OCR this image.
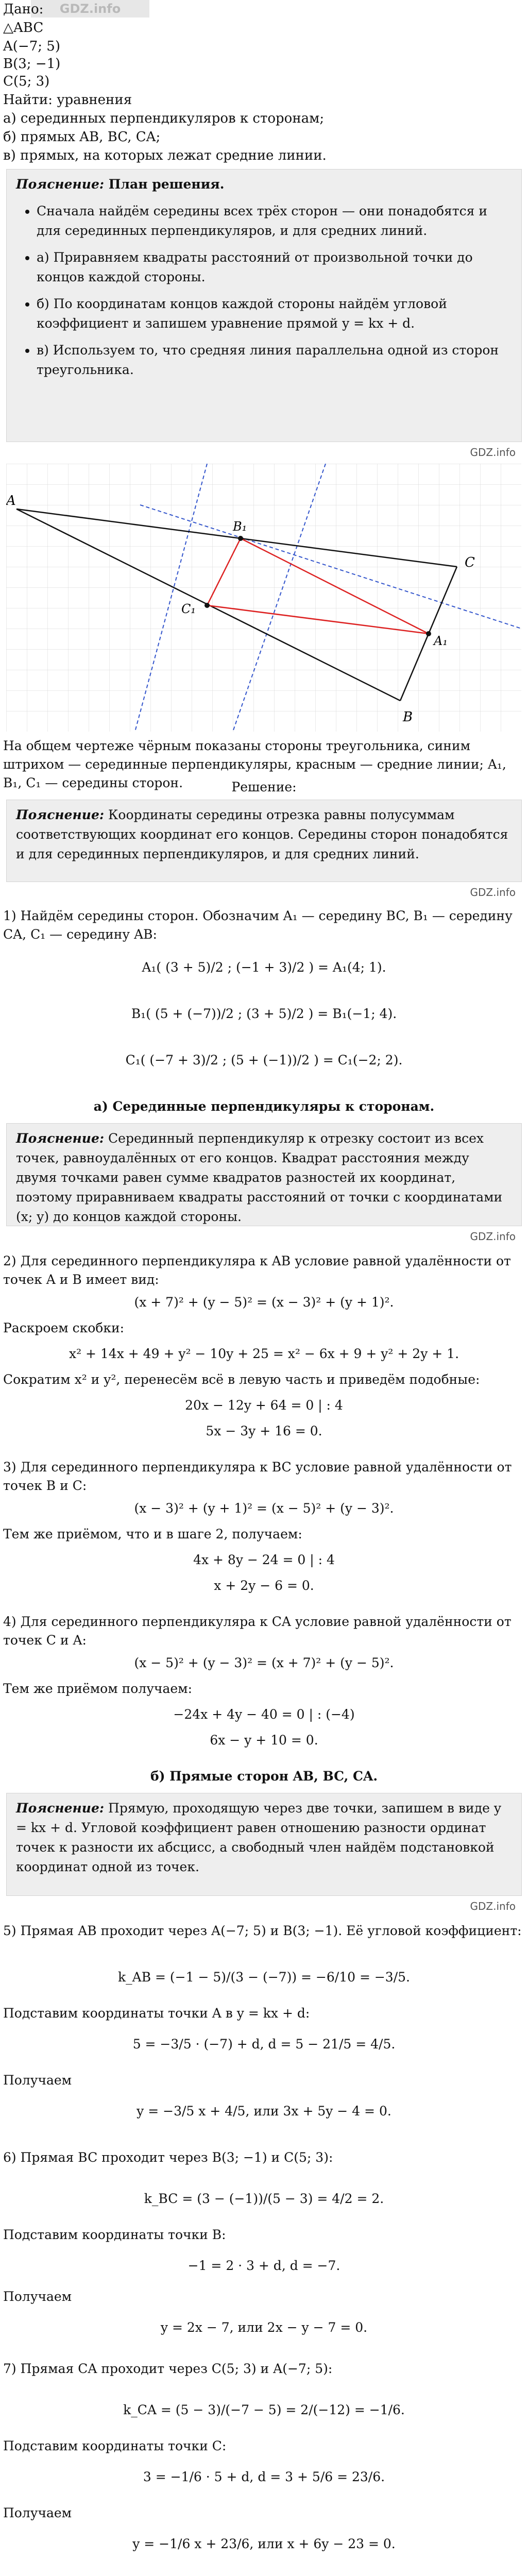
GDZ.info
Дано:
△ABC
A(−7; 5)
B(3; −1)
C(5; 3)
Найти: уравнения
а) серединных перпендикуляров к сторонам;
б) прямых AB, BC, CA;
в) прямых, на которых лежат средние линии.
Пояснение: План решения.
• Сначала найдём середины всех трёх сторон — они понадобятся и для серединных перпендикуляров, и для средних линий.
• а) Приравняем квадраты расстояний от произвольной точки до концов каждой стороны.
• б) По координатам концов каждой стороны найдём угловой коэффициент и запишем уравнение прямой y = kx + d.
• в) Используем то, что средняя линия параллельна одной из сторон треугольника.
GDZ.info
A
B
C
B₁
C₁
A₁
На общем чертеже чёрным показаны стороны треугольника, синим штрихом — серединные перпендикуляры, красным — средние линии; A₁, B₁, C₁ — середины сторон.	Решение:
Пояснение: Координаты середины отрезка равны полусуммам соответствующих координат его концов. Середины сторон понадобятся и для серединных перпендикуляров, и для средних линий.
GDZ.info
1) Найдём середины сторон. Обозначим A₁ — середину BC, B₁ — середину CA, C₁ — середину AB:
A₁( (3 + 5)/2 ; (−1 + 3)/2 ) = A₁(4; 1).
B₁( (5 + (−7))/2 ; (3 + 5)/2 ) = B₁(−1; 4).
C₁( (−7 + 3)/2 ; (5 + (−1))/2 ) = C₁(−2; 2).
а) Серединные перпендикуляры к сторонам.
Пояснение: Серединный перпендикуляр к отрезку состоит из всех точек, равноудалённых от его концов. Квадрат расстояния между двумя точками равен сумме квадратов разностей их координат, поэтому приравниваем квадраты расстояний от точки с координатами (x; y) до концов каждой стороны.
GDZ.info
2) Для серединного перпендикуляра к AB условие равной удалённости от точек A и B имеет вид:
(x + 7)² + (y − 5)² = (x − 3)² + (y + 1)².
Раскроем скобки:
x² + 14x + 49 + y² − 10y + 25 = x² − 6x + 9 + y² + 2y + 1.
Сократим x² и y², перенесём всё в левую часть и приведём подобные:
20x − 12y + 64 = 0 | : 4
5x − 3y + 16 = 0.
3) Для серединного перпендикуляра к BC условие равной удалённости от точек B и C:
(x − 3)² + (y + 1)² = (x − 5)² + (y − 3)².
Тем же приёмом, что и в шаге 2, получаем:
4x + 8y − 24 = 0 | : 4
x + 2y − 6 = 0.
4) Для серединного перпендикуляра к CA условие равной удалённости от точек C и A:
(x − 5)² + (y − 3)² = (x + 7)² + (y − 5)².
Тем же приёмом получаем:
−24x + 4y − 40 = 0 | : (−4)
6x − y + 10 = 0.
б) Прямые сторон AB, BC, CA.
Пояснение: Прямую, проходящую через две точки, запишем в виде y = kx + d. Угловой коэффициент равен отношению разности ординат точек к разности их абсцисс, а свободный член найдём подстановкой координат одной из точек.
GDZ.info
5) Прямая AB проходит через A(−7; 5) и B(3; −1). Её угловой коэффициент:
k_AB = (−1 − 5)/(3 − (−7)) = −6/10 = −3/5.
Подставим координаты точки A в y = kx + d:
5 = −3/5 · (−7) + d, d = 5 − 21/5 = 4/5.
Получаем
y = −3/5 x + 4/5, или 3x + 5y − 4 = 0.
6) Прямая BC проходит через B(3; −1) и C(5; 3):
k_BC = (3 − (−1))/(5 − 3) = 4/2 = 2.
Подставим координаты точки B:
−1 = 2 · 3 + d, d = −7.
Получаем
y = 2x − 7, или 2x − y − 7 = 0.
7) Прямая CA проходит через C(5; 3) и A(−7; 5):
k_CA = (5 − 3)/(−7 − 5) = 2/(−12) = −1/6.
Подставим координаты точки C:
3 = −1/6 · 5 + d, d = 3 + 5/6 = 23/6.
Получаем
y = −1/6 x + 23/6, или x + 6y − 23 = 0.
